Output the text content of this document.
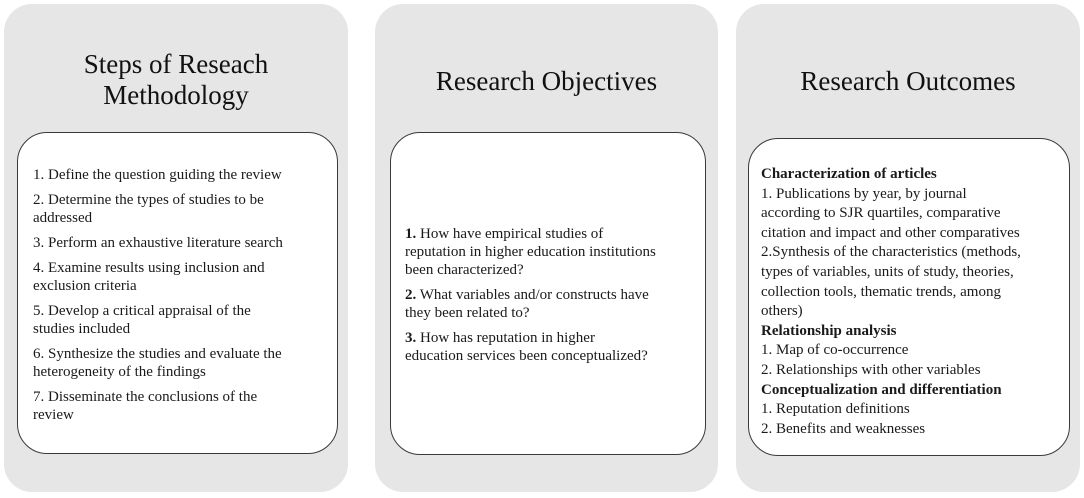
Steps of Reseach
Methodology
1. Define the question guiding the review
2. Determine the types of studies to be
addressed
3. Perform an exhaustive literature search
4. Examine results using inclusion and
exclusion criteria
5. Develop a critical appraisal of the
studies included
6. Synthesize the studies and evaluate the
heterogeneity of the findings
7. Disseminate the conclusions of the
review
Research Objectives
1. How have empirical studies of
reputation in higher education institutions
been characterized?
2. What variables and/or constructs have
they been related to?
3. How has reputation in higher
education services been conceptualized?
Research Outcomes
Characterization of articles
1. Publications by year, by journal
according to SJR quartiles, comparative
citation and impact and other comparatives
2.Synthesis of the characteristics (methods,
types of variables, units of study, theories,
collection tools, thematic trends, among
others)
Relationship analysis
1. Map of co-occurrence
2. Relationships with other variables
Conceptualization and differentiation
1. Reputation definitions
2. Benefits and weaknesses
